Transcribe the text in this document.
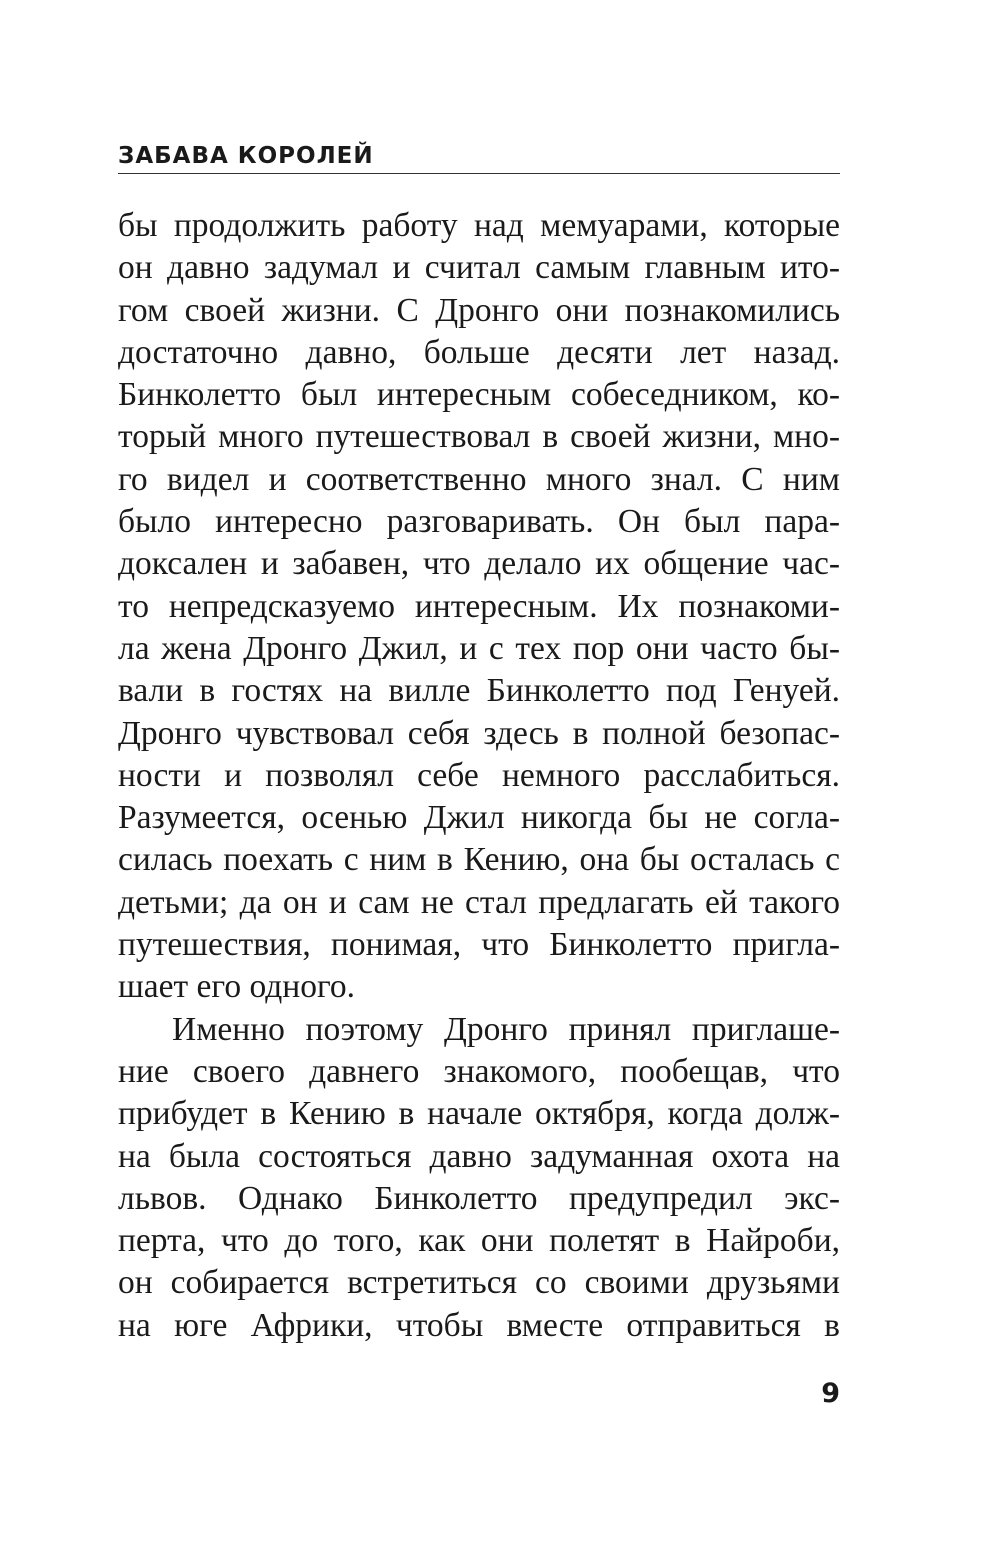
ЗАБАВА КОРОЛЕЙ
бы продолжить работу над мемуарами, которые
он давно задумал и считал самым главным ито-
гом своей жизни. С Дронго они познакомились
достаточно давно, больше десяти лет назад.
Бинколетто был интересным собеседником, ко-
торый много путешествовал в своей жизни, мно-
го видел и соответственно много знал. С ним
было интересно разговаривать. Он был пара-
доксален и забавен, что делало их общение час-
то непредсказуемо интересным. Их познакоми-
ла жена Дронго Джил, и с тех пор они часто бы-
вали в гостях на вилле Бинколетто под Генуей.
Дронго чувствовал себя здесь в полной безопас-
ности и позволял себе немного расслабиться.
Разумеется, осенью Джил никогда бы не согла-
силась поехать с ним в Кению, она бы осталась с
детьми; да он и сам не стал предлагать ей такого
путешествия, понимая, что Бинколетто пригла-
шает его одного.
Именно поэтому Дронго принял приглаше-
ние своего давнего знакомого, пообещав, что
прибудет в Кению в начале октября, когда долж-
на была состояться давно задуманная охота на
львов. Однако Бинколетто предупредил экс-
перта, что до того, как они полетят в Найроби,
он собирается встретиться со своими друзьями
на юге Африки, чтобы вместе отправиться в
9
